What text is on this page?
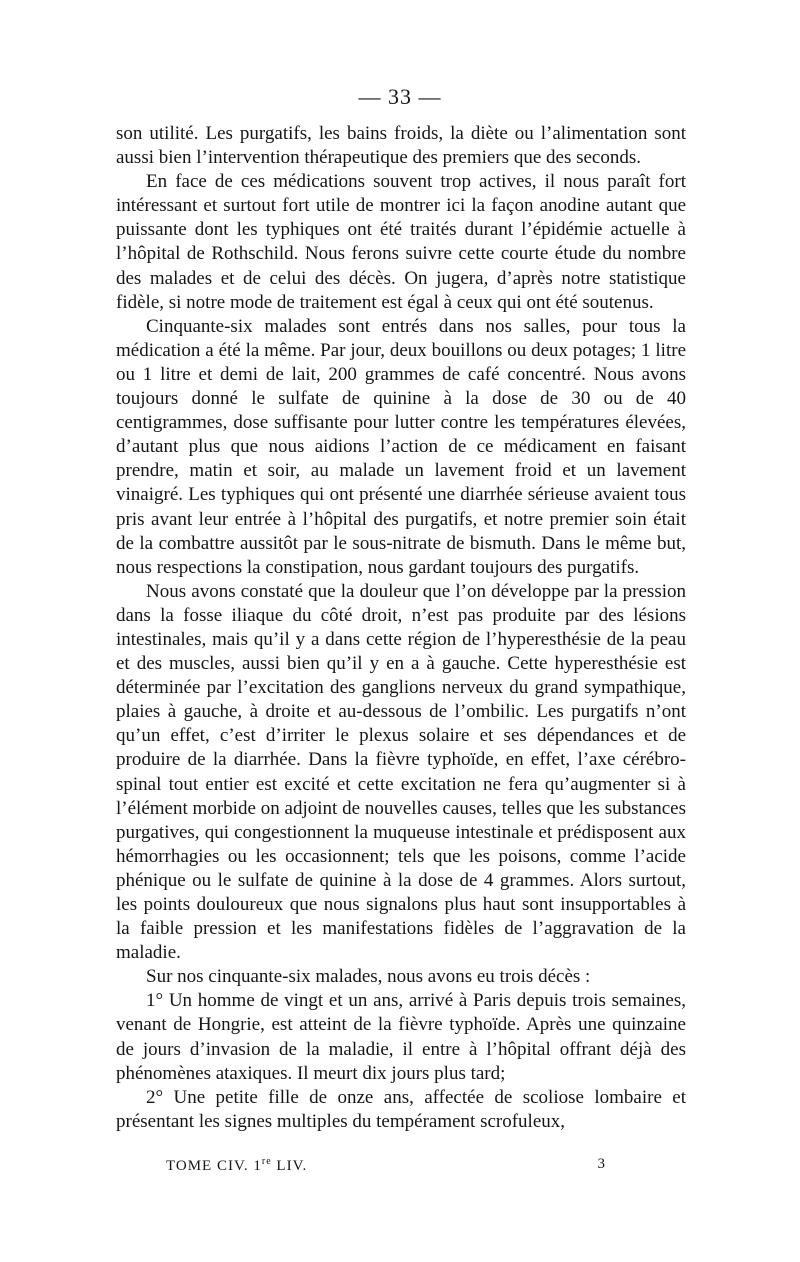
— 33 —

son utilité. Les purgatifs, les bains froids, la diète ou l’alimentation sont aussi bien l’intervention thérapeutique des premiers que des seconds.

En face de ces médications souvent trop actives, il nous paraît fort intéressant et surtout fort utile de montrer ici la façon anodine autant que puissante dont les typhiques ont été traités durant l’épidémie actuelle à l’hôpital de Rothschild. Nous ferons suivre cette courte étude du nombre des malades et de celui des décès. On jugera, d’après notre statistique fidèle, si notre mode de traitement est égal à ceux qui ont été soutenus.

Cinquante-six malades sont entrés dans nos salles, pour tous la médication a été la même. Par jour, deux bouillons ou deux potages; 1 litre ou 1 litre et demi de lait, 200 grammes de café concentré. Nous avons toujours donné le sulfate de quinine à la dose de 30 ou de 40 centigrammes, dose suffisante pour lutter contre les températures élevées, d’autant plus que nous aidions l’action de ce médicament en faisant prendre, matin et soir, au malade un lavement froid et un lavement vinaigré. Les typhiques qui ont présenté une diarrhée sérieuse avaient tous pris avant leur entrée à l’hôpital des purgatifs, et notre premier soin était de la combattre aussitôt par le sous-nitrate de bismuth. Dans le même but, nous respections la constipation, nous gardant toujours des purgatifs.

Nous avons constaté que la douleur que l’on développe par la pression dans la fosse iliaque du côté droit, n’est pas produite par des lésions intestinales, mais qu’il y a dans cette région de l’hyperesthésie de la peau et des muscles, aussi bien qu’il y en a à gauche. Cette hyperesthésie est déterminée par l’excitation des ganglions nerveux du grand sympathique, plaies à gauche, à droite et au-dessous de l’ombilic. Les purgatifs n’ont qu’un effet, c’est d’irriter le plexus solaire et ses dépendances et de produire de la diarrhée. Dans la fièvre typhoïde, en effet, l’axe cérébro-spinal tout entier est excité et cette excitation ne fera qu’augmenter si à l’élément morbide on adjoint de nouvelles causes, telles que les substances purgatives, qui congestionnent la muqueuse intestinale et prédisposent aux hémorrhagies ou les occasionnent; tels que les poisons, comme l’acide phénique ou le sulfate de quinine à la dose de 4 grammes. Alors surtout, les points douloureux que nous signalons plus haut sont insupportables à la faible pression et les manifestations fidèles de l’aggravation de la maladie.

Sur nos cinquante-six malades, nous avons eu trois décès :

1° Un homme de vingt et un ans, arrivé à Paris depuis trois semaines, venant de Hongrie, est atteint de la fièvre typhoïde. Après une quinzaine de jours d’invasion de la maladie, il entre à l’hôpital offrant déjà des phénomènes ataxiques. Il meurt dix jours plus tard;

2° Une petite fille de onze ans, affectée de scoliose lombaire et présentant les signes multiples du tempérament scrofuleux,

TOME CIV. 1re LIV.	3
